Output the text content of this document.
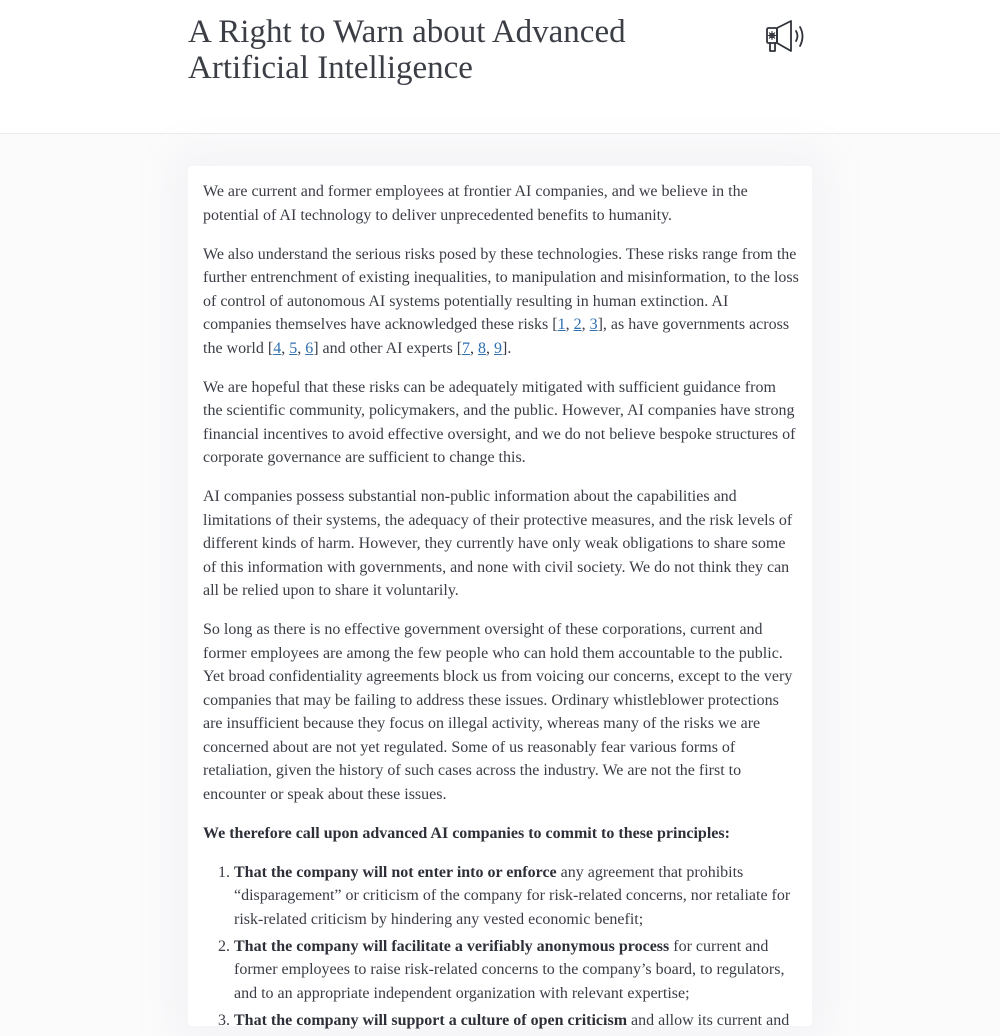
A Right to Warn about Advanced Artificial Intelligence

We are current and former employees at frontier AI companies, and we believe in the potential of AI technology to deliver unprecedented benefits to humanity.

We also understand the serious risks posed by these technologies. These risks range from the further entrenchment of existing inequalities, to manipulation and misinformation, to the loss of control of autonomous AI systems potentially resulting in human extinction. AI companies themselves have acknowledged these risks [1, 2, 3], as have governments across the world [4, 5, 6] and other AI experts [7, 8, 9].

We are hopeful that these risks can be adequately mitigated with sufficient guidance from the scientific community, policymakers, and the public. However, AI companies have strong financial incentives to avoid effective oversight, and we do not believe bespoke structures of corporate governance are sufficient to change this.

AI companies possess substantial non-public information about the capabilities and limitations of their systems, the adequacy of their protective measures, and the risk levels of different kinds of harm. However, they currently have only weak obligations to share some of this information with governments, and none with civil society. We do not think they can all be relied upon to share it voluntarily.

So long as there is no effective government oversight of these corporations, current and former employees are among the few people who can hold them accountable to the public. Yet broad confidentiality agreements block us from voicing our concerns, except to the very companies that may be failing to address these issues. Ordinary whistleblower protections are insufficient because they focus on illegal activity, whereas many of the risks we are concerned about are not yet regulated. Some of us reasonably fear various forms of retaliation, given the history of such cases across the industry. We are not the first to encounter or speak about these issues.

We therefore call upon advanced AI companies to commit to these principles:

1. That the company will not enter into or enforce any agreement that prohibits “disparagement” or criticism of the company for risk-related concerns, nor retaliate for risk-related criticism by hindering any vested economic benefit;
2. That the company will facilitate a verifiably anonymous process for current and former employees to raise risk-related concerns to the company’s board, to regulators, and to an appropriate independent organization with relevant expertise;
3. That the company will support a culture of open criticism and allow its current and
